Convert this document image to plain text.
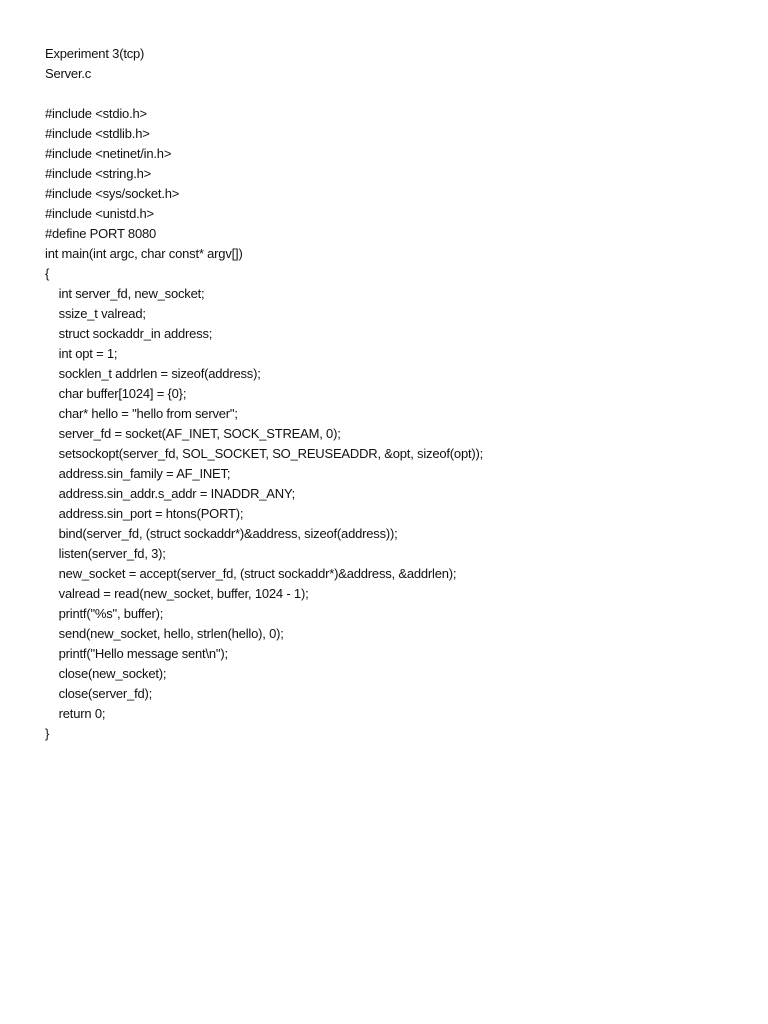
Experiment 3(tcp)
Server.c
#include <stdio.h>
#include <stdlib.h>
#include <netinet/in.h>
#include <string.h>
#include <sys/socket.h>
#include <unistd.h>
#define PORT 8080
int main(int argc, char const* argv[])
{
int server_fd, new_socket;
ssize_t valread;
struct sockaddr_in address;
int opt = 1;
socklen_t addrlen = sizeof(address);
char buffer[1024] = {0};
char* hello = "hello from server";
server_fd = socket(AF_INET, SOCK_STREAM, 0);
setsockopt(server_fd, SOL_SOCKET, SO_REUSEADDR, &opt, sizeof(opt));
address.sin_family = AF_INET;
address.sin_addr.s_addr = INADDR_ANY;
address.sin_port = htons(PORT);
bind(server_fd, (struct sockaddr*)&address, sizeof(address));
listen(server_fd, 3);
new_socket = accept(server_fd, (struct sockaddr*)&address, &addrlen);
valread = read(new_socket, buffer, 1024 - 1);
printf("%s", buffer);
send(new_socket, hello, strlen(hello), 0);
printf("Hello message sent\n");
close(new_socket);
close(server_fd);
return 0;
}
